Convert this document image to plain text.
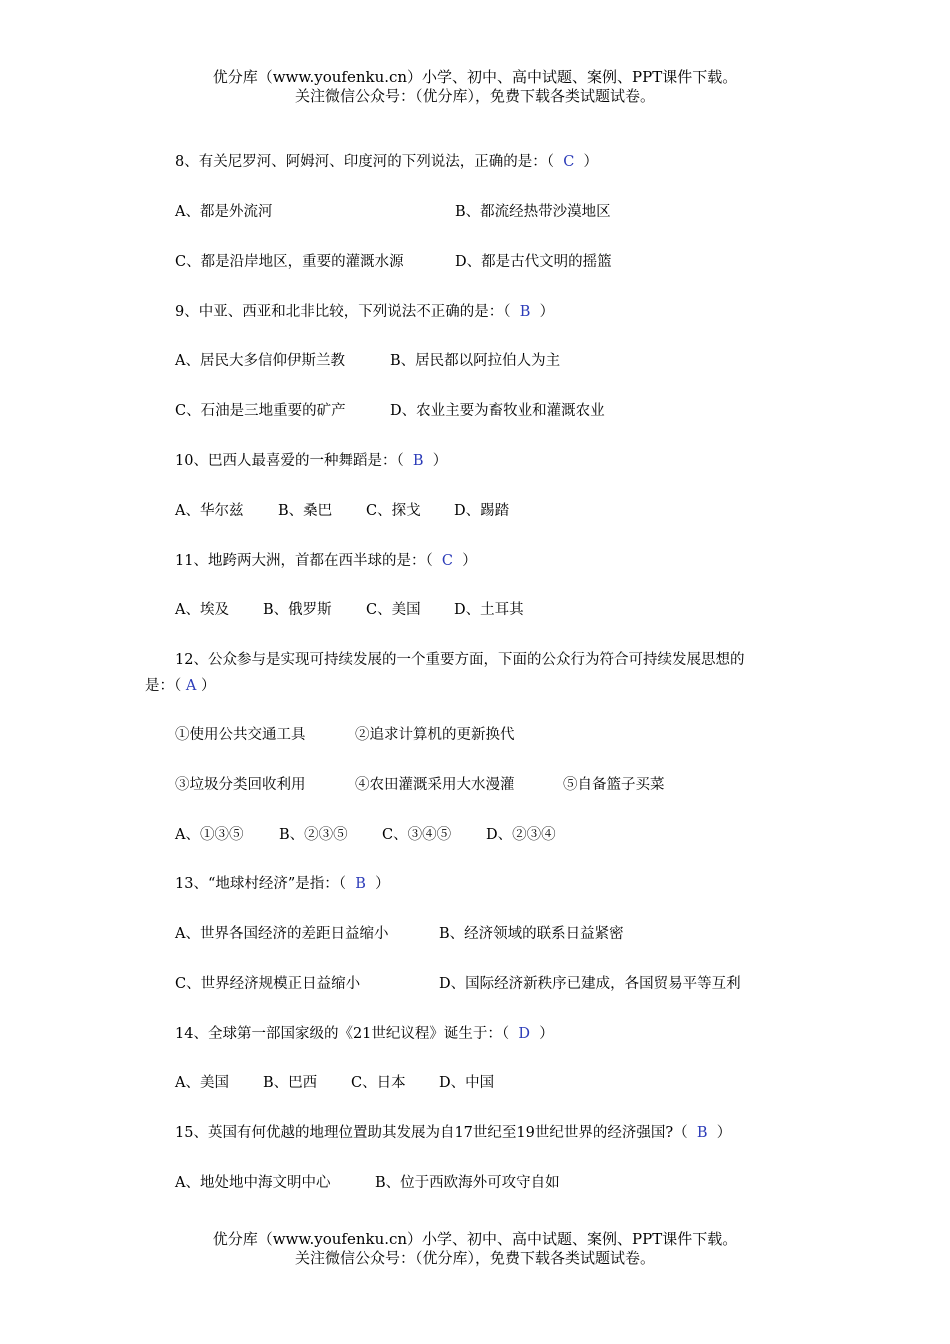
优分库（www.youfenku.cn）小学、初中、高中试题、案例、PPT课件下载。
关注微信公众号：（优分库），免费下载各类试题试卷。
8、有关尼罗河、阿姆河、印度河的下列说法，正确的是：（ C ）
A、都是外流河	B、都流经热带沙漠地区
C、都是沿岸地区，重要的灌溉水源	D、都是古代文明的摇篮
9、中亚、西亚和北非比较，下列说法不正确的是：（ B ）
A、居民大多信仰伊斯兰教	B、居民都以阿拉伯人为主
C、石油是三地重要的矿产	D、农业主要为畜牧业和灌溉农业
10、巴西人最喜爱的一种舞蹈是：（ B ）
A、华尔兹 B、桑巴 C、探戈 D、踢踏
11、地跨两大洲，首都在西半球的是：（ C ）
A、埃及 B、俄罗斯 C、美国 D、土耳其
12、公众参与是实现可持续发展的一个重要方面，下面的公众行为符合可持续发展思想的
是：（ A ）
①使用公共交通工具	②追求计算机的更新换代
③垃圾分类回收利用	④农田灌溉采用大水漫灌	⑤自备篮子买菜
A、①③⑤ B、②③⑤ C、③④⑤ D、②③④
13、“地球村经济”是指：（ B ）
A、世界各国经济的差距日益缩小	B、经济领域的联系日益紧密
C、世界经济规模正日益缩小	D、国际经济新秩序已建成，各国贸易平等互利
14、全球第一部国家级的《21世纪议程》诞生于：（ D ）
A、美国 B、巴西 C、日本 D、中国
15、英国有何优越的地理位置助其发展为自17世纪至19世纪世界的经济强国?（ B ）
A、地处地中海文明中心	B、位于西欧海外可攻守自如
优分库（www.youfenku.cn）小学、初中、高中试题、案例、PPT课件下载。
关注微信公众号：（优分库），免费下载各类试题试卷。
